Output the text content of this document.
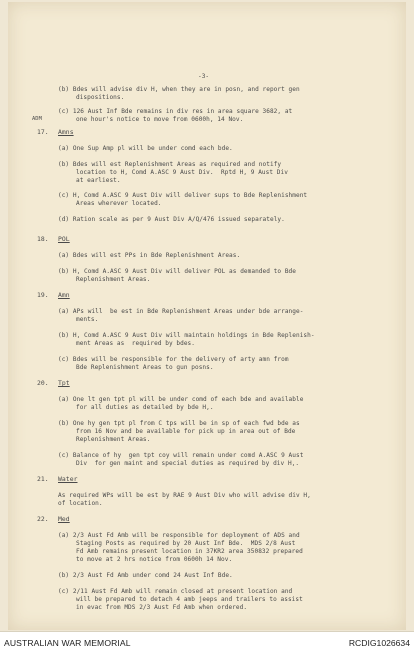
-3-
(b) Bdes will advise div H, when they are in posn, and report gen
dispositions.
(c) 126 Aust Inf Bde remains in div res in area square 3682, at
ADM	one hour's notice to move from 0600h, 14 Nov.
17. Amns
(a) One Sup Amp pl will be under comd each bde.
(b) Bdes will est Replenishment Areas as required and notify
location to H, Comd A.ASC 9 Aust Div.  Rptd H, 9 Aust Div
at earliest.
(c) H, Comd A.ASC 9 Aust Div will deliver sups to Bde Replenishment
Areas wherever located.
(d) Ration scale as per 9 Aust Div A/Q/476 issued separately.
18. POL
(a) Bdes will est PPs in Bde Replenishment Areas.
(b) H, Comd A.ASC 9 Aust Div will deliver POL as demanded to Bde
Replenishment Areas.
19. Amn
(a) APs will  be est in Bde Replenishment Areas under bde arrange-
ments.
(b) H, Comd A.ASC 9 Aust Div will maintain holdings in Bde Replenish-
ment Areas as  required by bdes.
(c) Bdes will be responsible for the delivery of arty amn from
Bde Replenishment Areas to gun posns.
20. Tpt
(a) One lt gen tpt pl will be under comd of each bde and available
for all duties as detailed by bde H,.
(b) One hy gen tpt pl from C tps will be in sp of each fwd bde as
from 16 Nov and be available for pick up in area out of Bde
Replenishment Areas.
(c) Balance of hy  gen tpt coy will remain under comd A.ASC 9 Aust
Div  for gen maint and special duties as required by div H,.
21. Water
As required WPs will be est by RAE 9 Aust Div who will advise div H,
of location.
22. Med
(a) 2/3 Aust Fd Amb will be responsible for deployment of ADS and
Staging Posts as required by 20 Aust Inf Bde.  MDS 2/8 Aust
Fd Amb remains present location in 37KR2 area 350832 prepared
to move at 2 hrs notice from 0600h 14 Nov.
(b) 2/3 Aust Fd Amb under comd 24 Aust Inf Bde.
(c) 2/11 Aust Fd Amb will remain closed at present location and
will be prepared to detach 4 amb jeeps and trailers to assist
in evac from MDS 2/3 Aust Fd Amb when ordered.
AUSTRALIAN WAR MEMORIAL	RCDIG1026634
